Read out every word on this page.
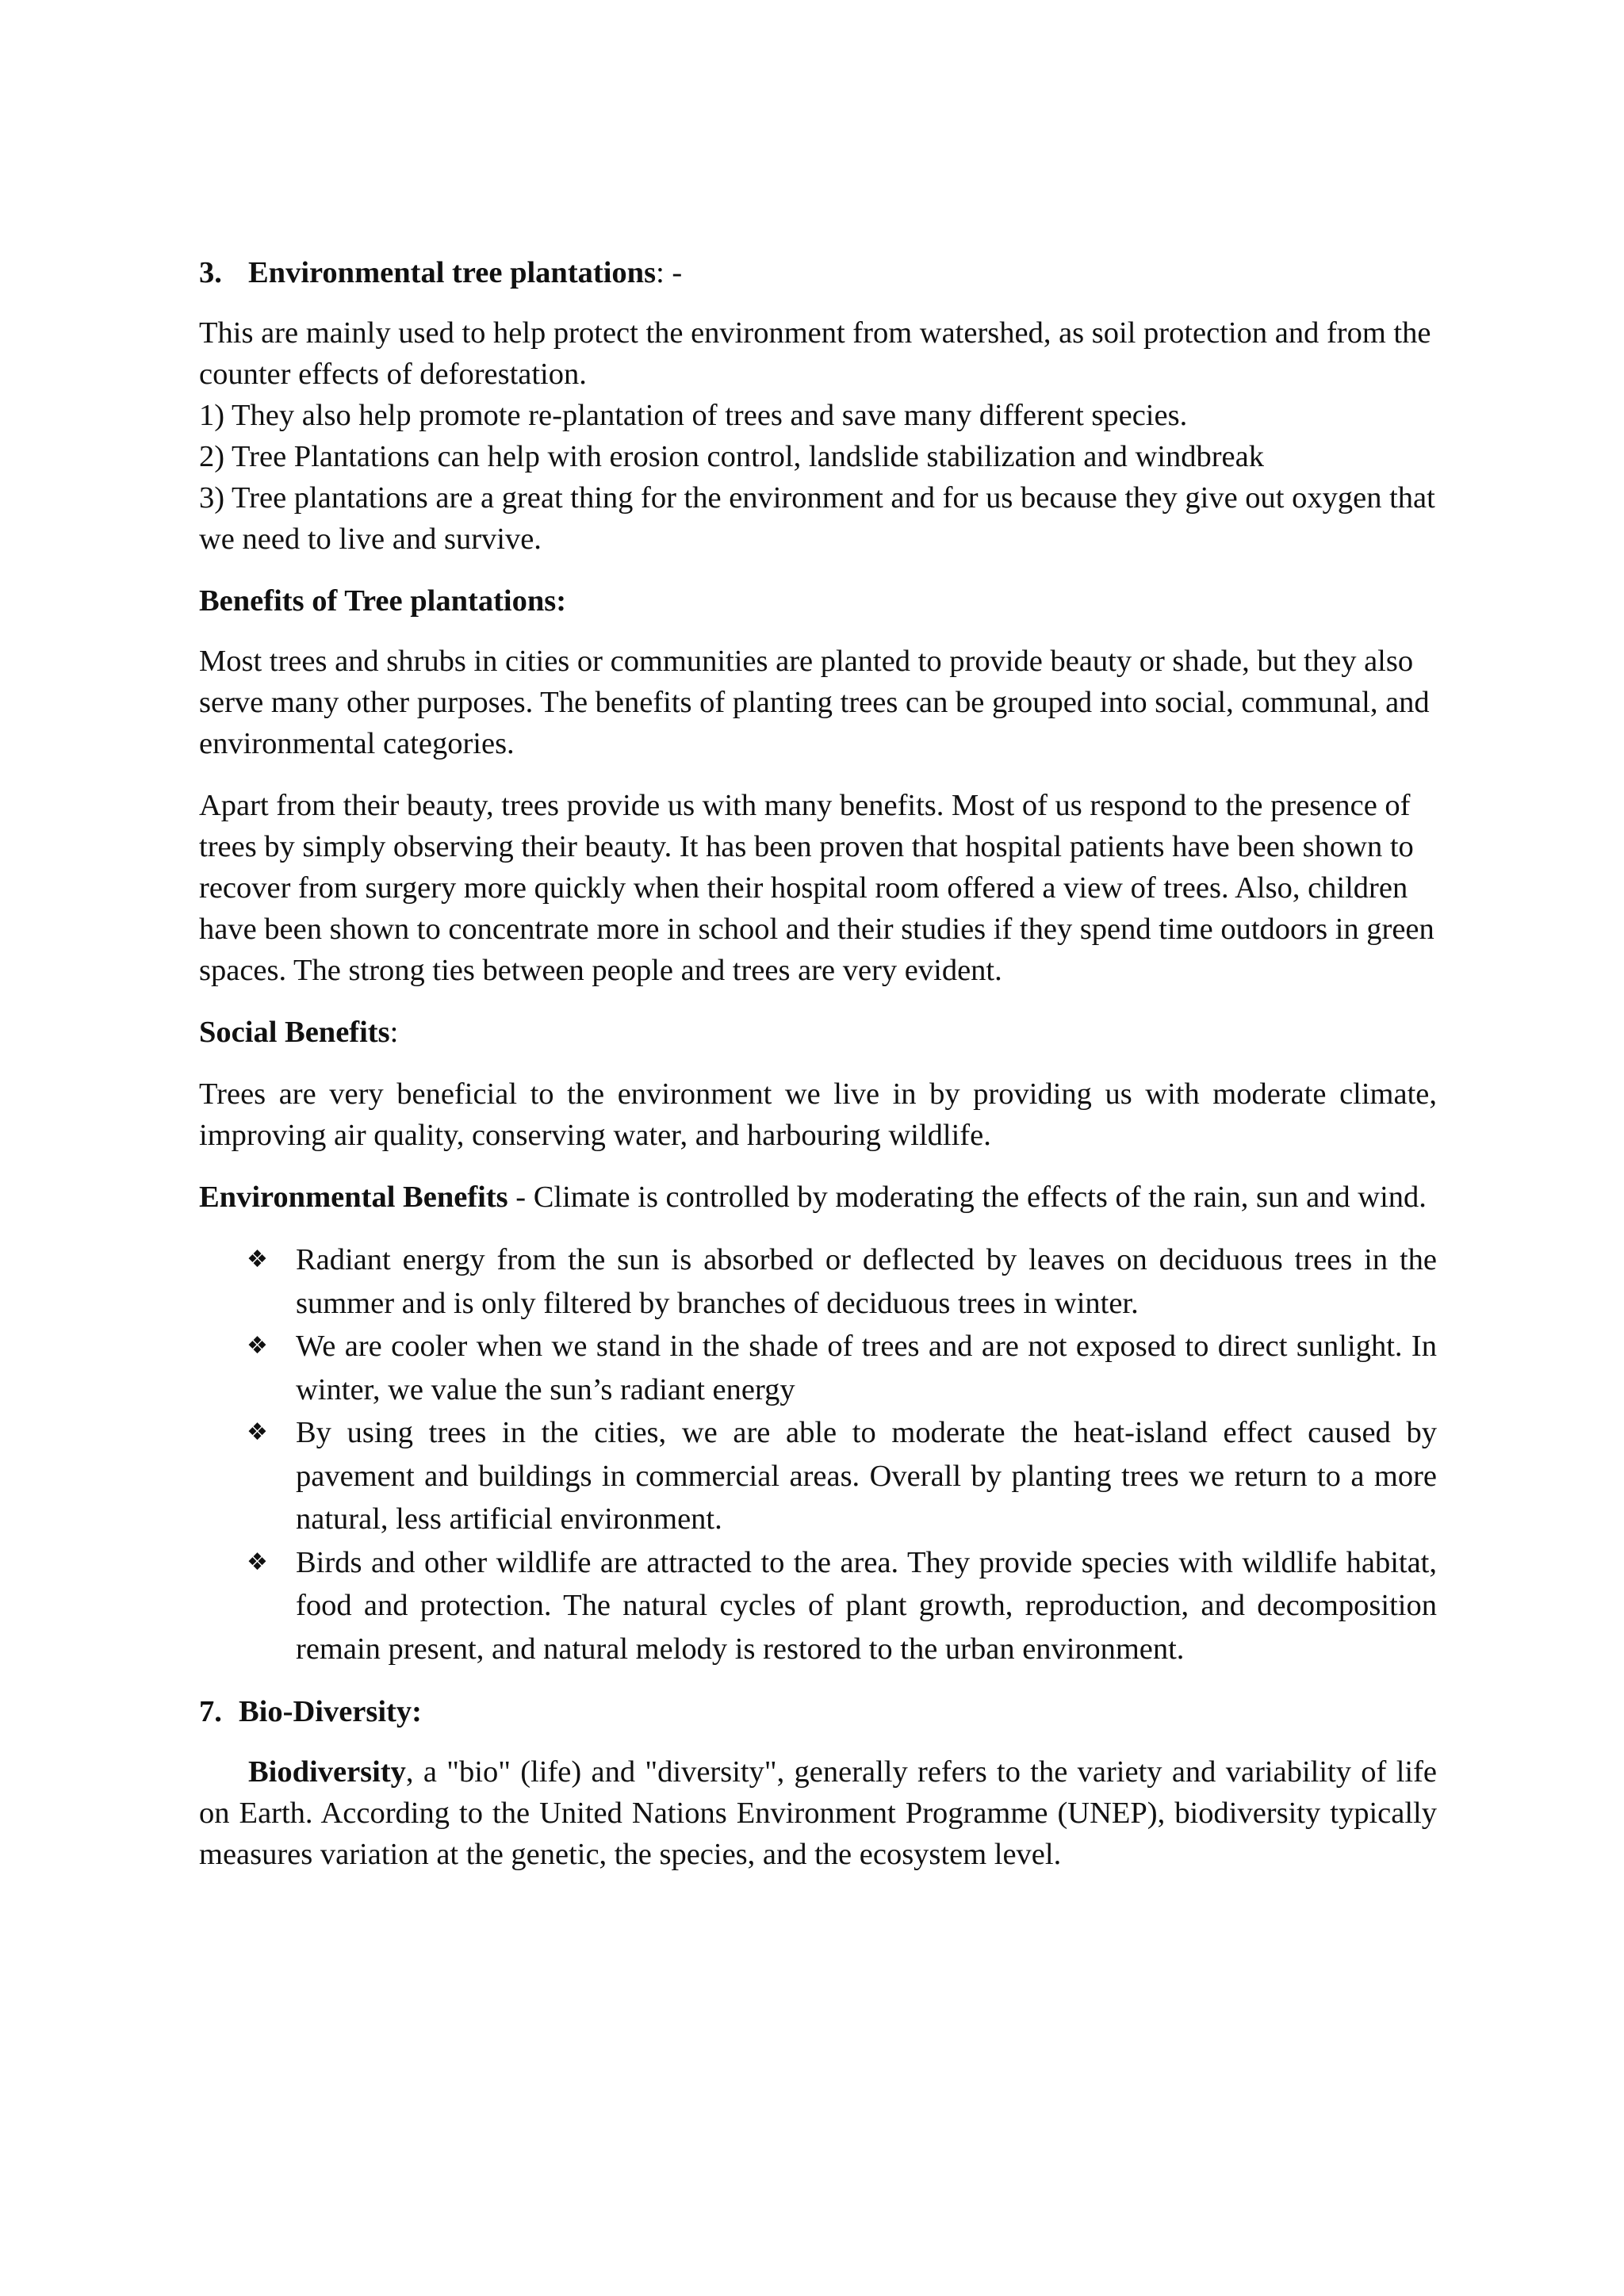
3. Environmental tree plantations: -

This are mainly used to help protect the environment from watershed, as soil protection and from the counter effects of deforestation.

1) They also help promote re-plantation of trees and save many different species.

2) Tree Plantations can help with erosion control, landslide stabilization and windbreak

3) Tree plantations are a great thing for the environment and for us because they give out oxygen that we need to live and survive.

Benefits of Tree plantations:

Most trees and shrubs in cities or communities are planted to provide beauty or shade, but they also serve many other purposes. The benefits of planting trees can be grouped into social, communal, and environmental categories.

Apart from their beauty, trees provide us with many benefits. Most of us respond to the presence of trees by simply observing their beauty. It has been proven that hospital patients have been shown to recover from surgery more quickly when their hospital room offered a view of trees. Also, children have been shown to concentrate more in school and their studies if they spend time outdoors in green spaces. The strong ties between people and trees are very evident.

Social Benefits:

Trees are very beneficial to the environment we live in by providing us with moderate climate, improving air quality, conserving water, and harbouring wildlife.

Environmental Benefits - Climate is controlled by moderating the effects of the rain, sun and wind.

❖ Radiant energy from the sun is absorbed or deflected by leaves on deciduous trees in the summer and is only filtered by branches of deciduous trees in winter.
❖ We are cooler when we stand in the shade of trees and are not exposed to direct sunlight. In winter, we value the sun’s radiant energy
❖ By using trees in the cities, we are able to moderate the heat-island effect caused by pavement and buildings in commercial areas. Overall by planting trees we return to a more natural, less artificial environment.
❖ Birds and other wildlife are attracted to the area. They provide species with wildlife habitat, food and protection. The natural cycles of plant growth, reproduction, and decomposition remain present, and natural melody is restored to the urban environment.

7. Bio-Diversity:

Biodiversity, a "bio" (life) and "diversity", generally refers to the variety and variability of life on Earth. According to the United Nations Environment Programme (UNEP), biodiversity typically measures variation at the genetic, the species, and the ecosystem level.
